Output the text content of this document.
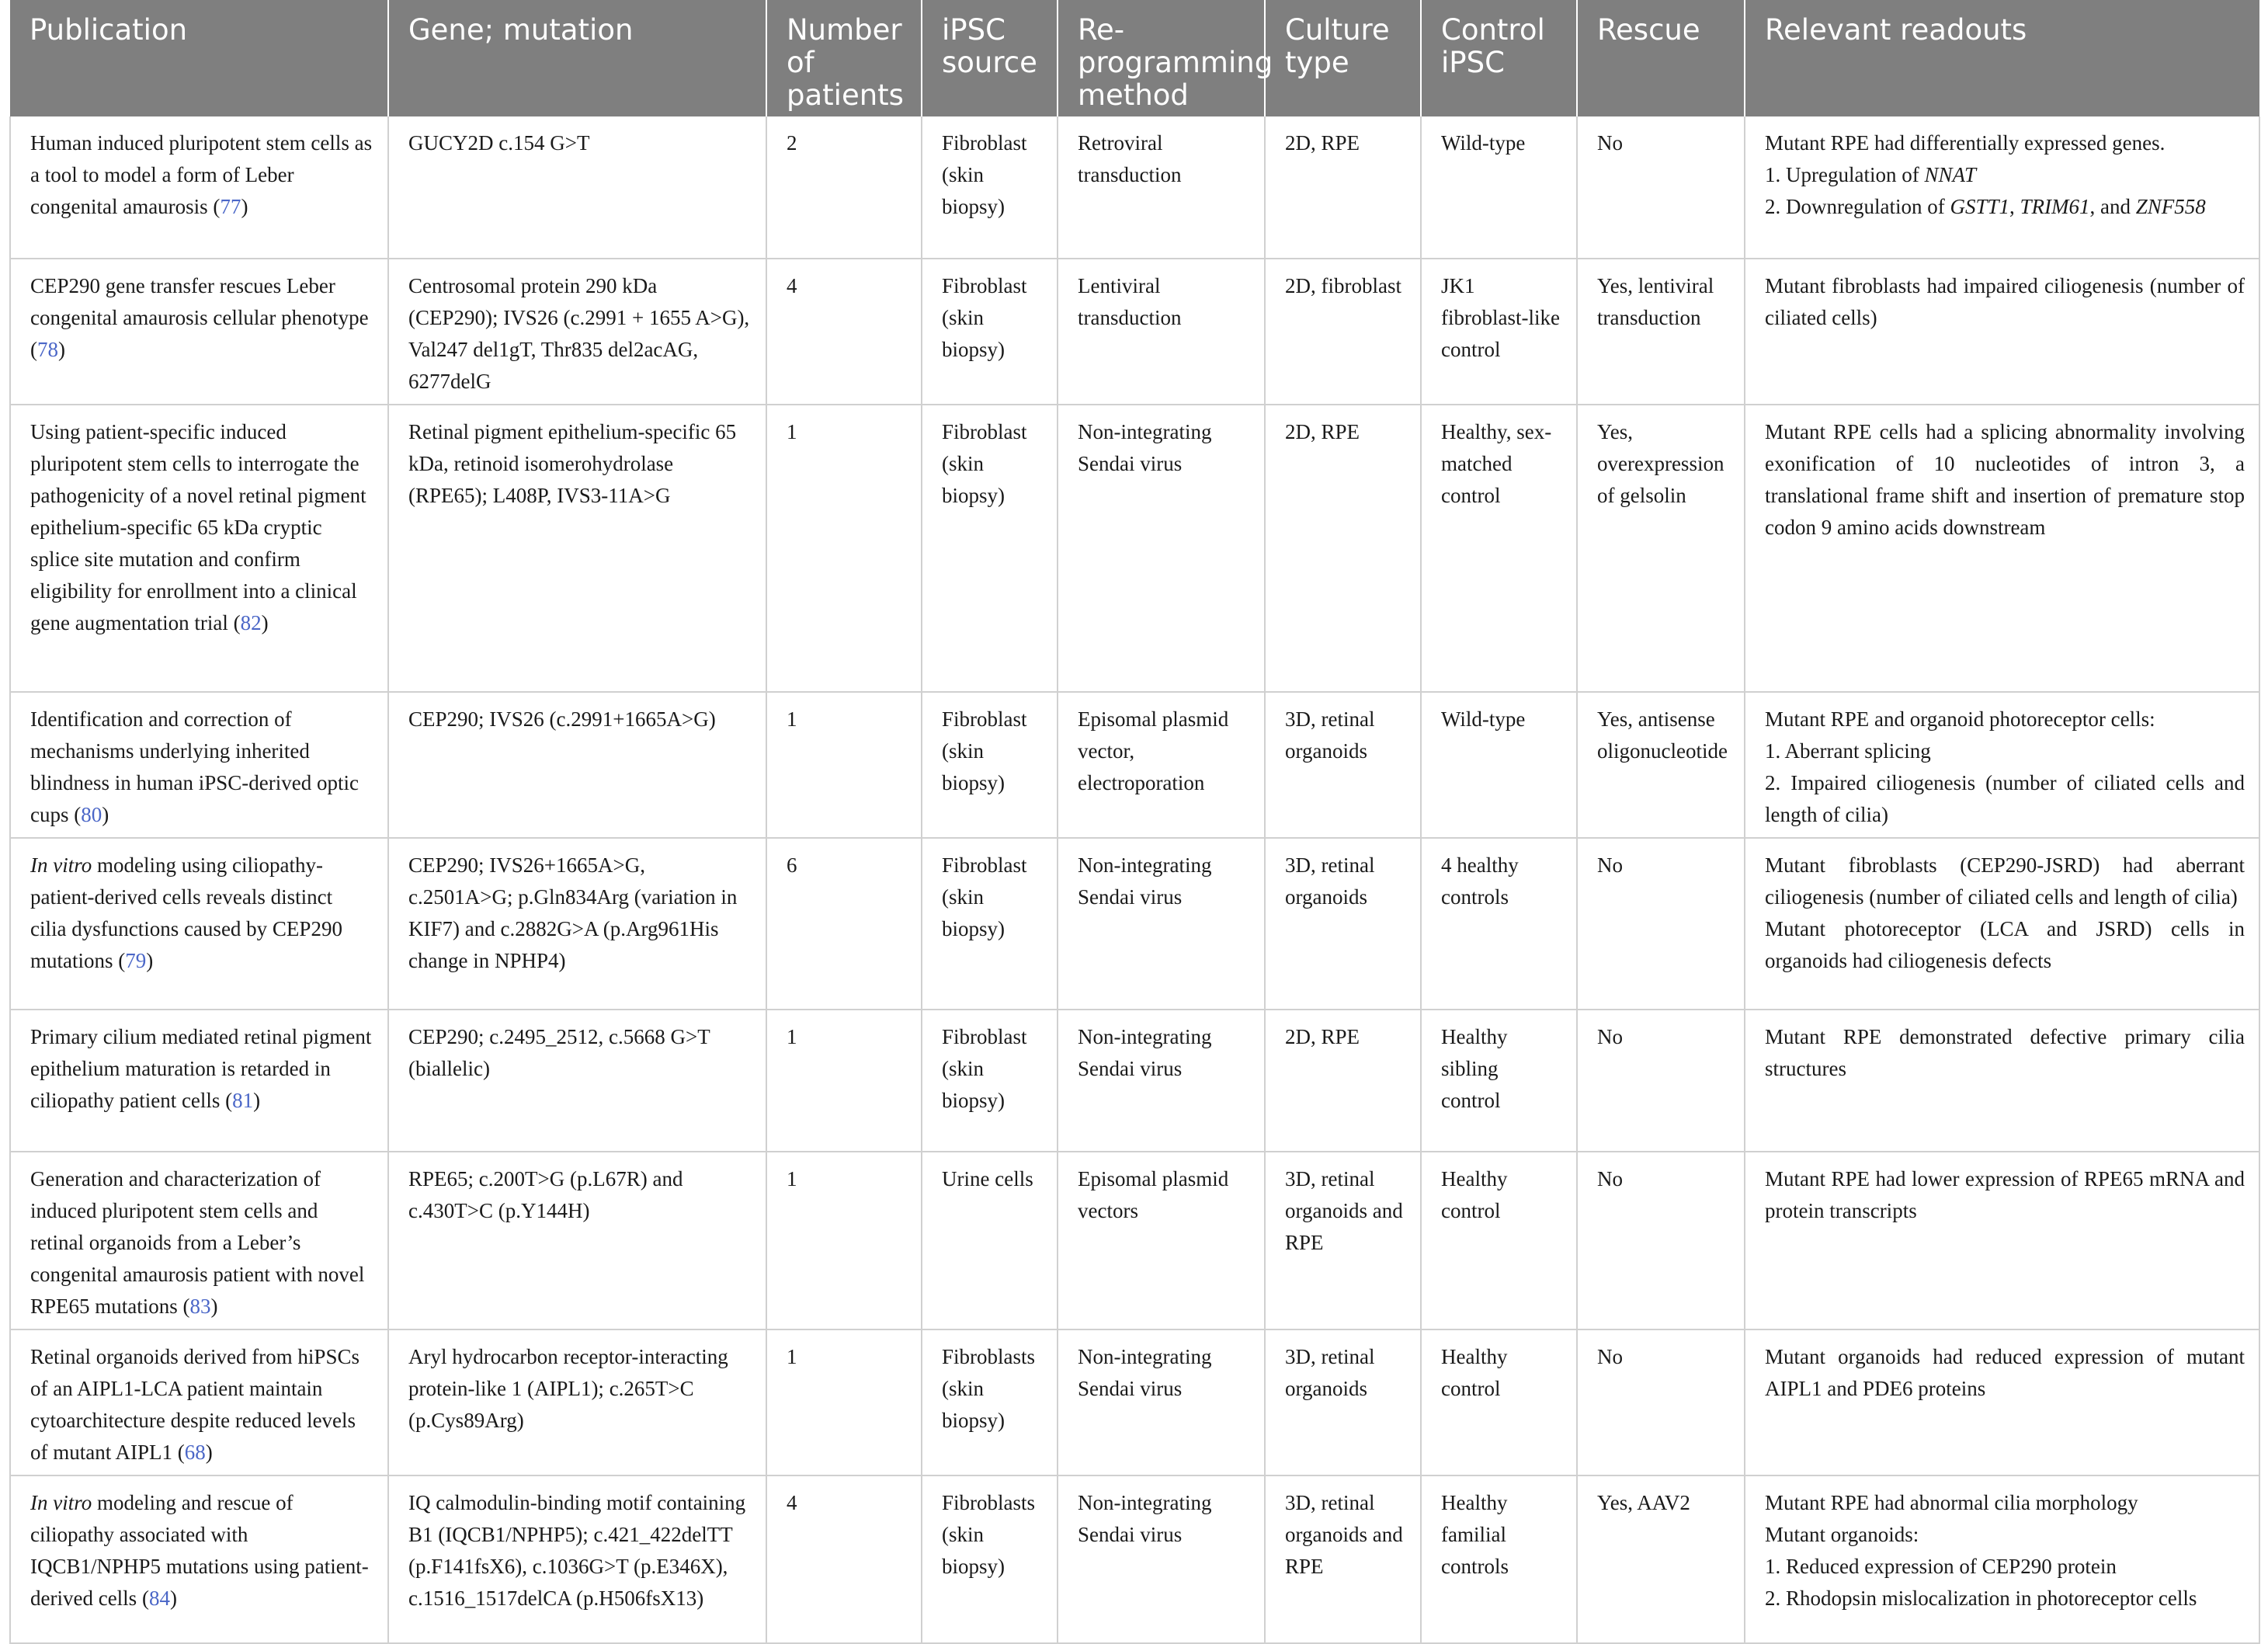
Publication	Gene; mutation	Number of patients	iPSC source	Re-programming method	Culture type	Control iPSC	Rescue	Relevant readouts
Human induced pluripotent stem cells as a tool to model a form of Leber congenital amaurosis (77)	GUCY2D c.154 G>T	2	Fibroblast (skin biopsy)	Retroviral transduction	2D, RPE	Wild-type	No	Mutant RPE had differentially expressed genes.
1. Upregulation of NNAT
2. Downregulation of GSTT1, TRIM61, and ZNF558

CEP290 gene transfer rescues Leber congenital amaurosis cellular phenotype (78)	Centrosomal protein 290 kDa (CEP290); IVS26 (c.2991 + 1655 A>G), Val247 del1gT, Thr835 del2acAG, 6277delG	4	Fibroblast (skin biopsy)	Lentiviral transduction	2D, fibroblast	JK1 fibroblast-like control	Yes, lentiviral transduction	Mutant fibroblasts had impaired ciliogenesis (number of ciliated cells)

Using patient-specific induced pluripotent stem cells to interrogate the pathogenicity of a novel retinal pigment epithelium-specific 65 kDa cryptic splice site mutation and confirm eligibility for enrollment into a clinical gene augmentation trial (82)	Retinal pigment epithelium-specific 65 kDa, retinoid isomerohydrolase (RPE65); L408P, IVS3-11A>G	1	Fibroblast (skin biopsy)	Non-integrating Sendai virus	2D, RPE	Healthy, sex-matched control	Yes, overexpression of gelsolin	Mutant RPE cells had a splicing abnormality involving exonification of 10 nucleotides of intron 3, a translational frame shift and insertion of premature stop codon 9 amino acids downstream

Identification and correction of mechanisms underlying inherited blindness in human iPSC-derived optic cups (80)	CEP290; IVS26 (c.2991+1665A>G)	1	Fibroblast (skin biopsy)	Episomal plasmid vector, electroporation	3D, retinal organoids	Wild-type	Yes, antisense oligonucleotide	Mutant RPE and organoid photoreceptor cells:
1. Aberrant splicing
2. Impaired ciliogenesis (number of ciliated cells and length of cilia)

In vitro modeling using ciliopathy-patient-derived cells reveals distinct cilia dysfunctions caused by CEP290 mutations (79)	CEP290; IVS26+1665A>G, c.2501A>G; p.Gln834Arg (variation in KIF7) and c.2882G>A (p.Arg961His change in NPHP4)	6	Fibroblast (skin biopsy)	Non-integrating Sendai virus	3D, retinal organoids	4 healthy controls	No	Mutant fibroblasts (CEP290-JSRD) had aberrant ciliogenesis (number of ciliated cells and length of cilia)
Mutant photoreceptor (LCA and JSRD) cells in organoids had ciliogenesis defects

Primary cilium mediated retinal pigment epithelium maturation is retarded in ciliopathy patient cells (81)	CEP290; c.2495_2512, c.5668 G>T (biallelic)	1	Fibroblast (skin biopsy)	Non-integrating Sendai virus	2D, RPE	Healthy sibling control	No	Mutant RPE demonstrated defective primary cilia structures

Generation and characterization of induced pluripotent stem cells and retinal organoids from a Leber’s congenital amaurosis patient with novel RPE65 mutations (83)	RPE65; c.200T>G (p.L67R) and c.430T>C (p.Y144H)	1	Urine cells	Episomal plasmid vectors	3D, retinal organoids and RPE	Healthy control	No	Mutant RPE had lower expression of RPE65 mRNA and protein transcripts

Retinal organoids derived from hiPSCs of an AIPL1-LCA patient maintain cytoarchitecture despite reduced levels of mutant AIPL1 (68)	Aryl hydrocarbon receptor-interacting protein-like 1 (AIPL1); c.265T>C (p.Cys89Arg)	1	Fibroblasts (skin biopsy)	Non-integrating Sendai virus	3D, retinal organoids	Healthy control	No	Mutant organoids had reduced expression of mutant AIPL1 and PDE6 proteins

In vitro modeling and rescue of ciliopathy associated with IQCB1/NPHP5 mutations using patient-derived cells (84)	IQ calmodulin-binding motif containing B1 (IQCB1/NPHP5); c.421_422delTT (p.F141fsX6), c.1036G>T (p.E346X), c.1516_1517delCA (p.H506fsX13)	4	Fibroblasts (skin biopsy)	Non-integrating Sendai virus	3D, retinal organoids and RPE	Healthy familial controls	Yes, AAV2	Mutant RPE had abnormal cilia morphology
Mutant organoids:
1. Reduced expression of CEP290 protein
2. Rhodopsin mislocalization in photoreceptor cells
